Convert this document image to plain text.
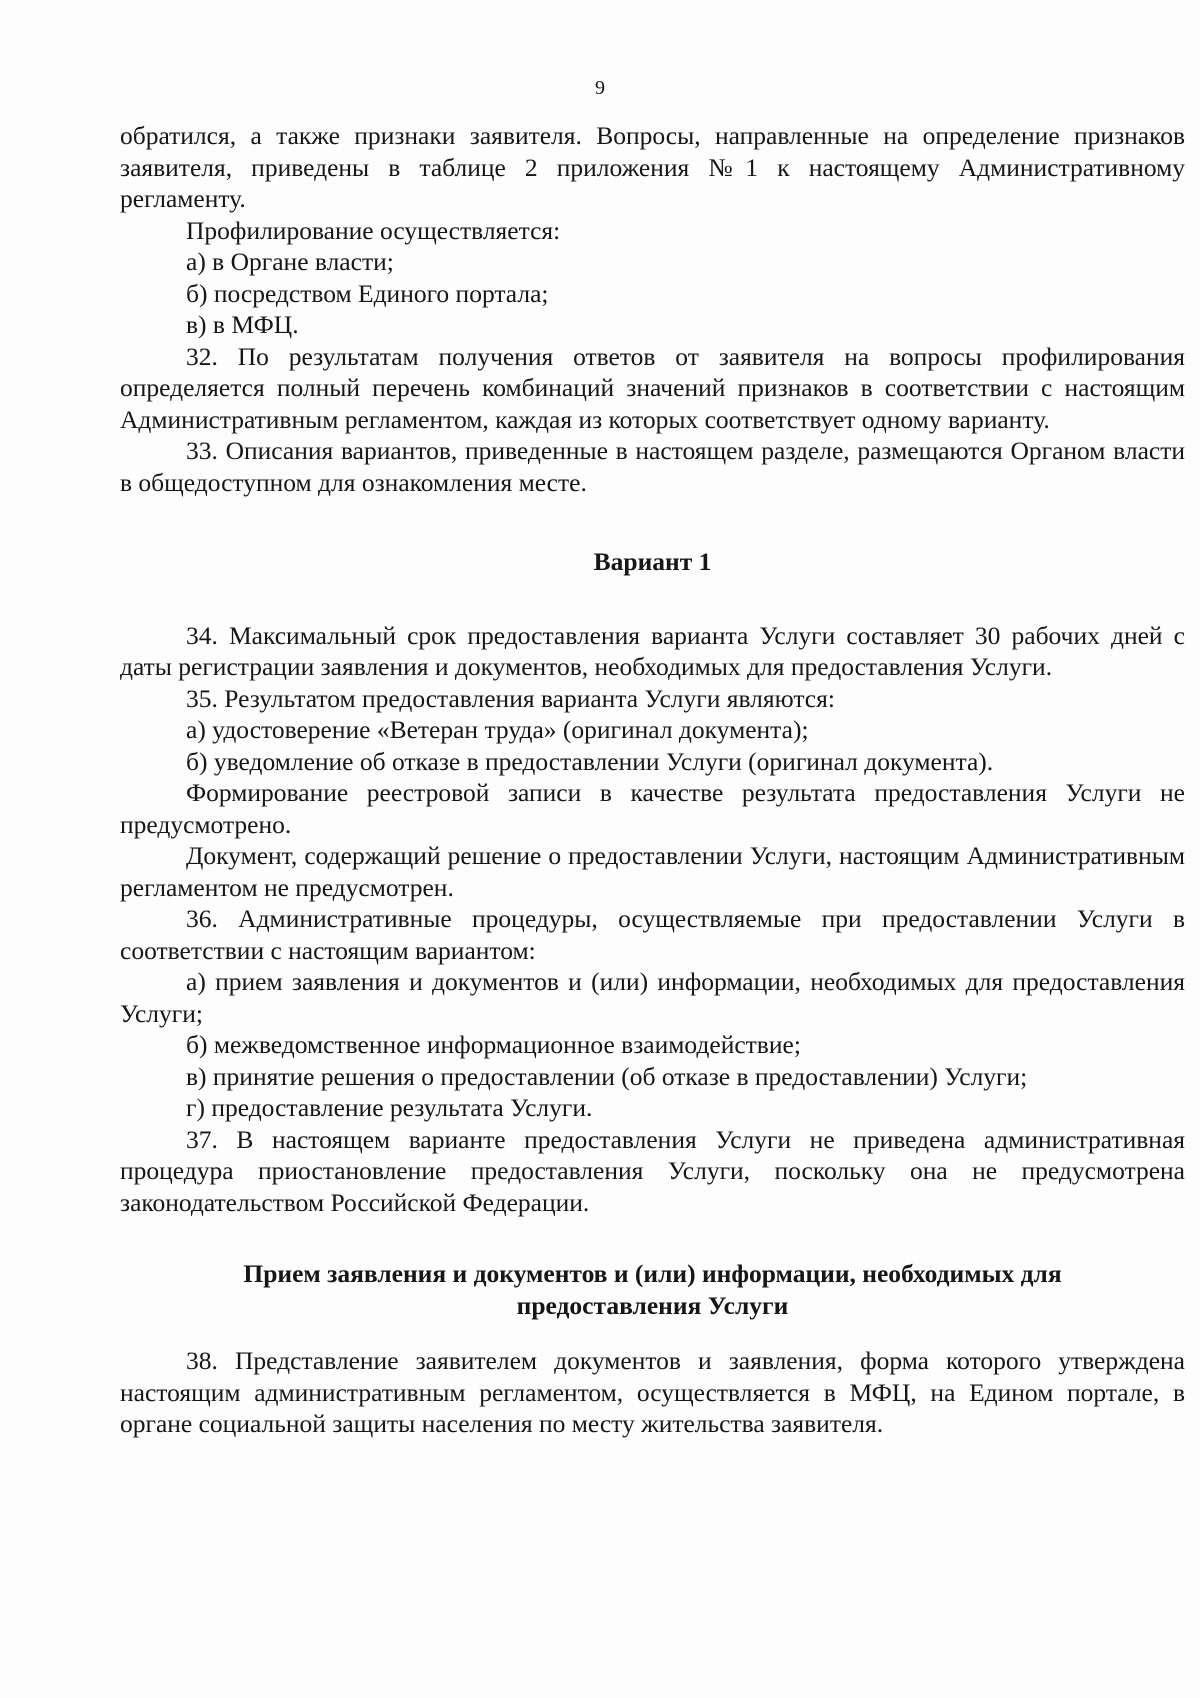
9

обратился, а также признаки заявителя. Вопросы, направленные на определение признаков заявителя, приведены в таблице 2 приложения №1 к настоящему Административному регламенту.

Профилирование осуществляется:

а) в Органе власти;

б) посредством Единого портала;

в) в МФЦ.

32. По результатам получения ответов от заявителя на вопросы профилирования определяется полный перечень комбинаций значений признаков в соответствии с настоящим Административным регламентом, каждая из которых соответствует одному варианту.

33. Описания вариантов, приведенные в настоящем разделе, размещаются Органом власти в общедоступном для ознакомления месте.

Вариант 1

34. Максимальный срок предоставления варианта Услуги составляет 30 рабочих дней с даты регистрации заявления и документов, необходимых для предоставления Услуги.

35. Результатом предоставления варианта Услуги являются:

а) удостоверение «Ветеран труда» (оригинал документа);

б) уведомление об отказе в предоставлении Услуги (оригинал документа).

Формирование реестровой записи в качестве результата предоставления Услуги не предусмотрено.

Документ, содержащий решение о предоставлении Услуги, настоящим Административным регламентом не предусмотрен.

36. Административные процедуры, осуществляемые при предоставлении Услуги в соответствии с настоящим вариантом:

а) прием заявления и документов и (или) информации, необходимых для предоставления Услуги;

б) межведомственное информационное взаимодействие;

в) принятие решения о предоставлении (об отказе в предоставлении) Услуги;

г) предоставление результата Услуги.

37. В настоящем варианте предоставления Услуги не приведена административная процедура приостановление предоставления Услуги, поскольку она не предусмотрена законодательством Российской Федерации.

Прием заявления и документов и (или) информации, необходимых для предоставления Услуги

38. Представление заявителем документов и заявления, форма которого утверждена настоящим административным регламентом, осуществляется в МФЦ, на Едином портале, в органе социальной защиты населения по месту жительства заявителя.
